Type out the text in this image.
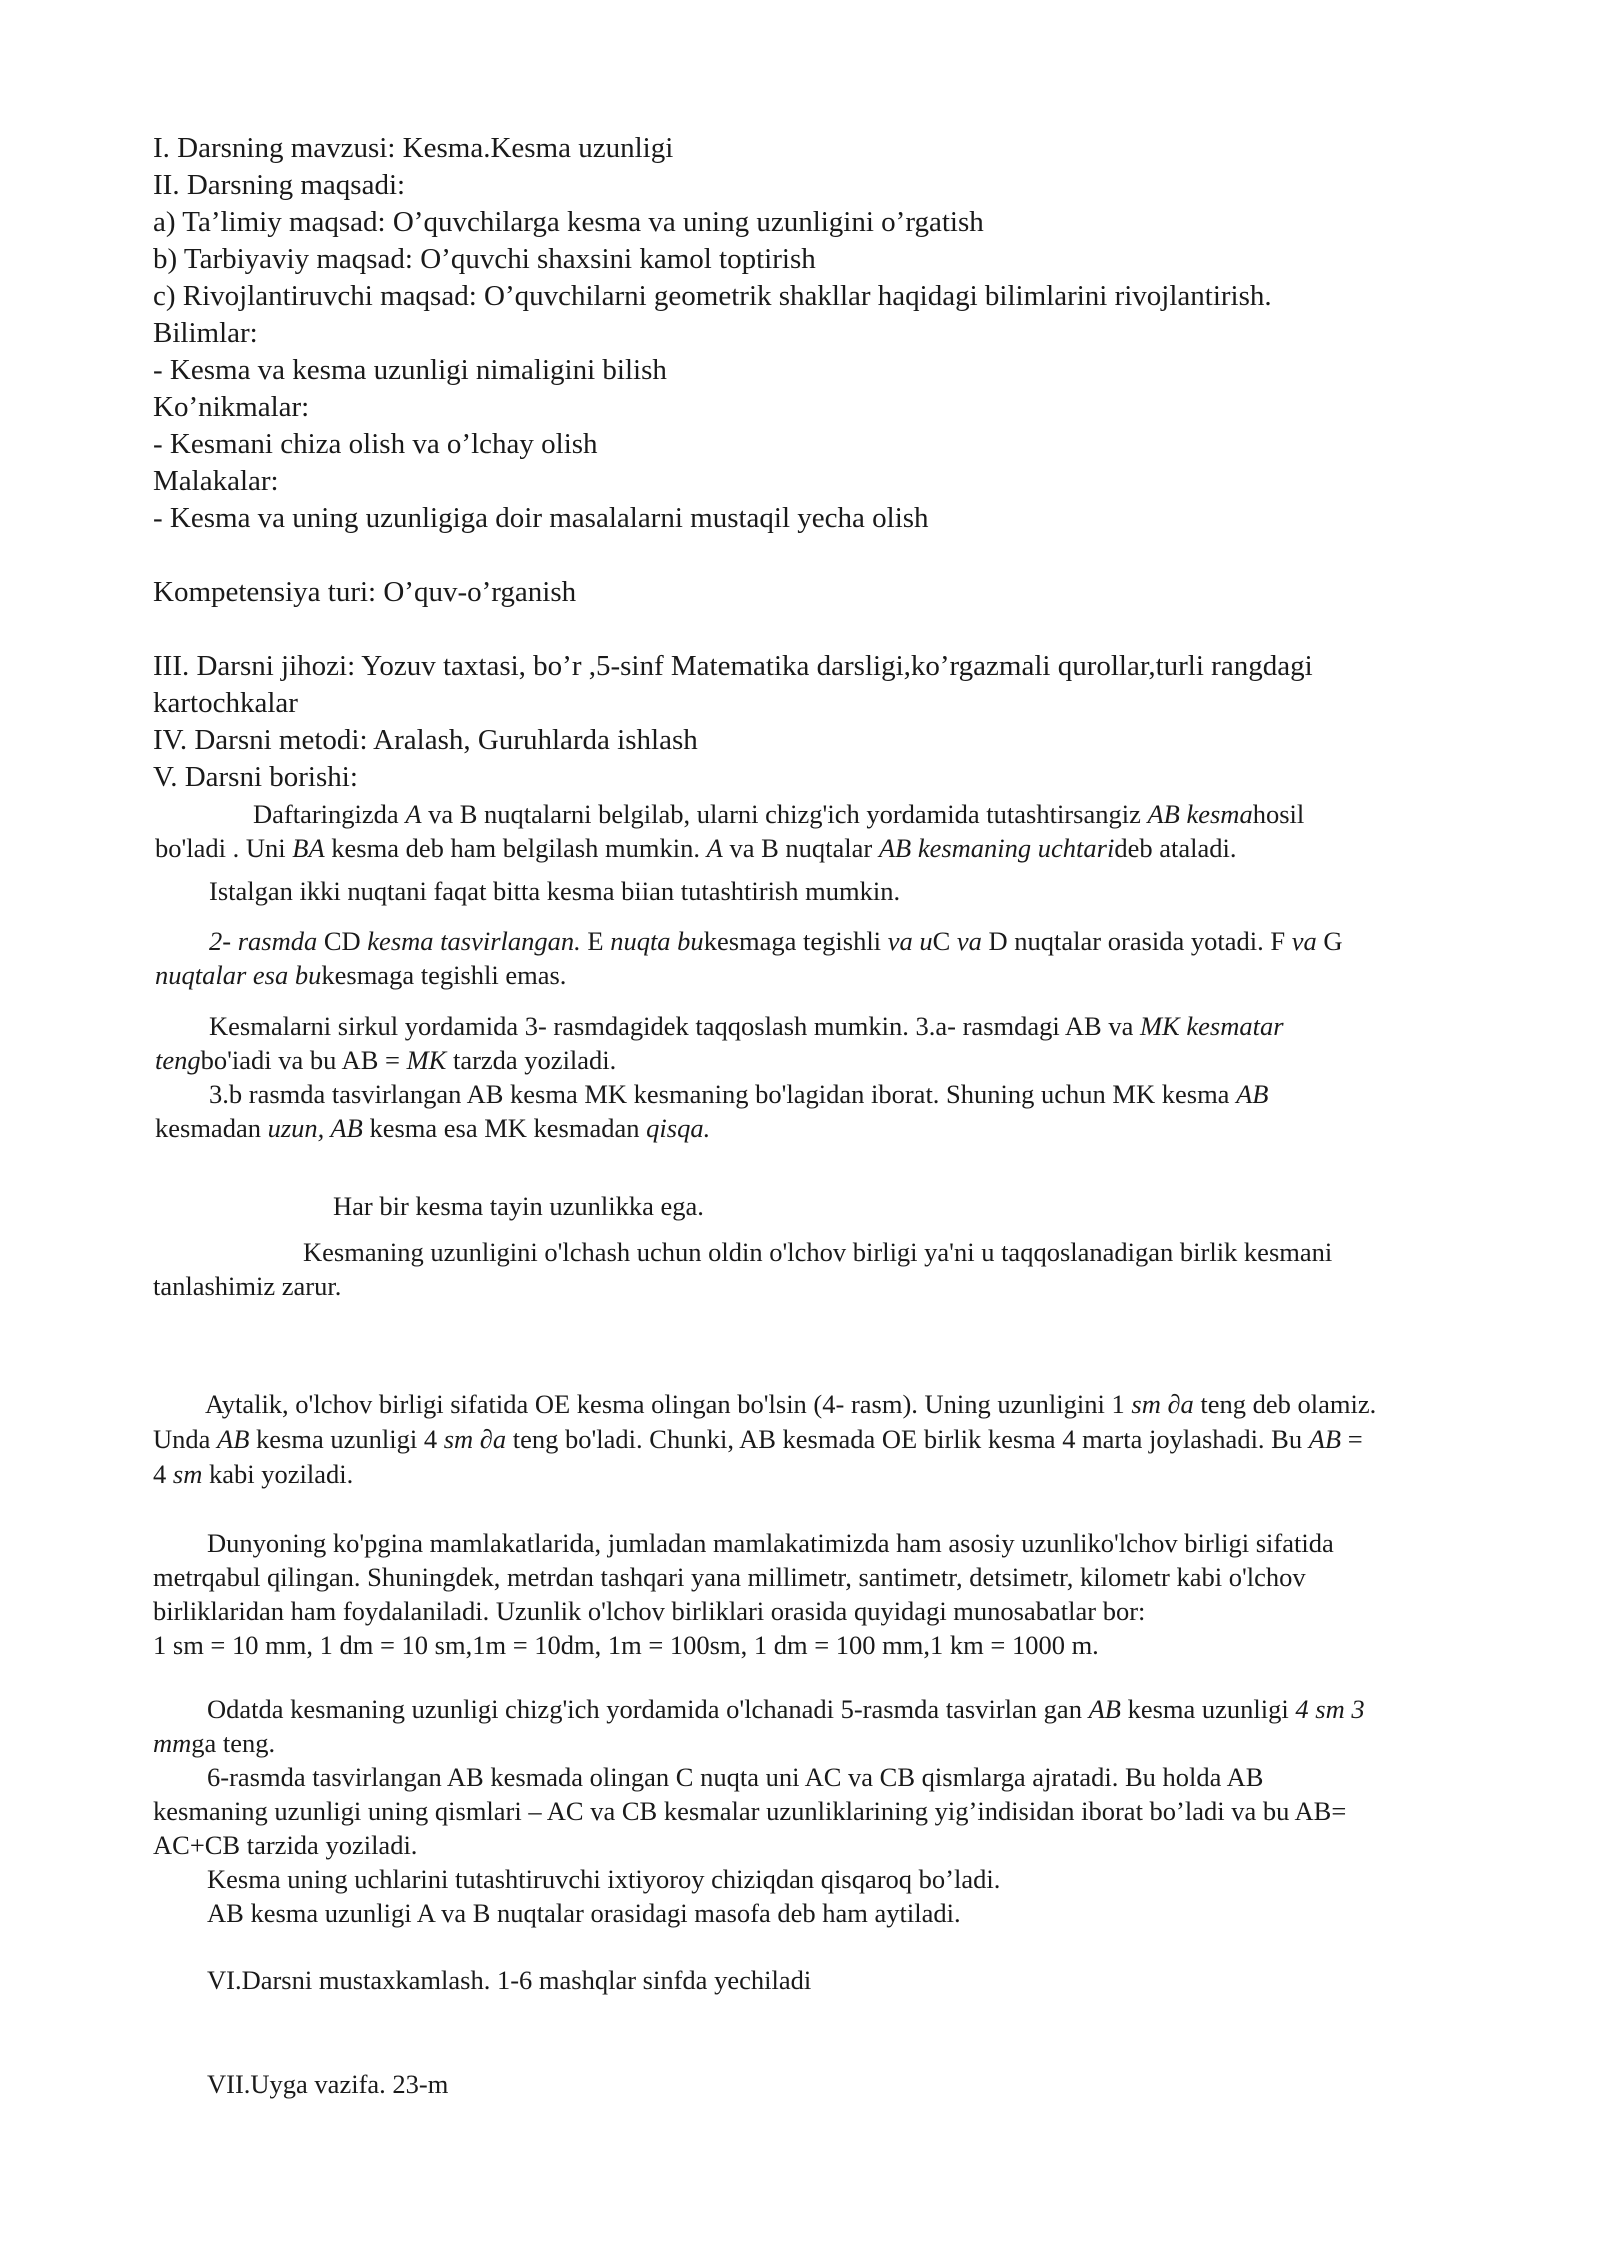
I. Darsning mavzusi: Kesma.Kesma uzunligi
II. Darsning maqsadi:
a) Ta’limiy maqsad: O’quvchilarga kesma va uning uzunligini o’rgatish
b) Tarbiyaviy maqsad: O’quvchi shaxsini kamol toptirish
c) Rivojlantiruvchi maqsad: O’quvchilarni geometrik shakllar haqidagi bilimlarini rivojlantirish.
Bilimlar:
- Kesma va kesma uzunligi nimaligini bilish
Ko’nikmalar:
- Kesmani chiza olish va o’lchay olish
Malakalar:
- Kesma va uning uzunligiga doir masalalarni mustaqil yecha olish
Kompetensiya turi: O’quv-o’rganish
III. Darsni jihozi: Yozuv taxtasi, bo’r ,5-sinf Matematika darsligi,ko’rgazmali qurollar,turli rangdagi
kartochkalar
IV. Darsni metodi: Aralash, Guruhlarda ishlash
V. Darsni borishi:
Daftaringizda A va B nuqtalarni belgilab, ularni chizg'ich yordamida tutashtirsangiz AB kesmahosil
bo'ladi . Uni BA kesma deb ham belgilash mumkin. A va B nuqtalar AB kesmaning uchtarideb ataladi.
Istalgan ikki nuqtani faqat bitta kesma biian tutashtirish mumkin.
2- rasmda CD kesma tasvirlangan. E nuqta bukesmaga tegishli va uC va D nuqtalar orasida yotadi. F va G
nuqtalar esa bukesmaga tegishli emas.
Kesmalarni sirkul yordamida 3- rasmdagidek taqqoslash mumkin. 3.a- rasmdagi AB va MK kesmatar
tengbo'iadi va bu AB = MK tarzda yoziladi.
3.b rasmda tasvirlangan AB kesma MK kesmaning bo'lagidan iborat. Shuning uchun MK kesma AB
kesmadan uzun, AB kesma esa MK kesmadan qisqa.
Har bir kesma tayin uzunlikka ega.
Kesmaning uzunligini o'lchash uchun oldin o'lchov birligi ya'ni u taqqoslanadigan birlik kesmani
tanlashimiz zarur.
Aytalik, o'lchov birligi sifatida OE kesma olingan bo'lsin (4- rasm). Uning uzunligini 1 sm ∂a teng deb olamiz.
Unda AB kesma uzunligi 4 sm ∂a teng bo'ladi. Chunki, AB kesmada OE birlik kesma 4 marta joylashadi. Bu AB =
4 sm kabi yoziladi.
Dunyoning ko'pgina mamlakatlarida, jumladan mamlakatimizda ham asosiy uzunliko'lchov birligi sifatida
metrqabul qilingan. Shuningdek, metrdan tashqari yana millimetr, santimetr, detsimetr, kilometr kabi o'lchov
birliklaridan ham foydalaniladi. Uzunlik o'lchov birliklari orasida quyidagi munosabatlar bor:
1 sm = 10 mm, 1 dm = 10 sm,1m = 10dm, 1m = 100sm, 1 dm = 100 mm,1 km = 1000 m.
Odatda kesmaning uzunligi chizg'ich yordamida o'lchanadi 5-rasmda tasvirlan gan AB kesma uzunligi 4 sm 3
mmga teng.
6-rasmda tasvirlangan AB kesmada olingan C nuqta uni AC va CB qismlarga ajratadi. Bu holda AB
kesmaning uzunligi uning qismlari – AC va CB kesmalar uzunliklarining yig’indisidan iborat bo’ladi va bu AB=
AC+CB tarzida yoziladi.
Kesma uning uchlarini tutashtiruvchi ixtiyoroy chiziqdan qisqaroq bo’ladi.
AB kesma uzunligi A va B nuqtalar orasidagi masofa deb ham aytiladi.
VI.Darsni mustaxkamlash. 1-6 mashqlar sinfda yechiladi
VII.Uyga vazifa. 23-m
